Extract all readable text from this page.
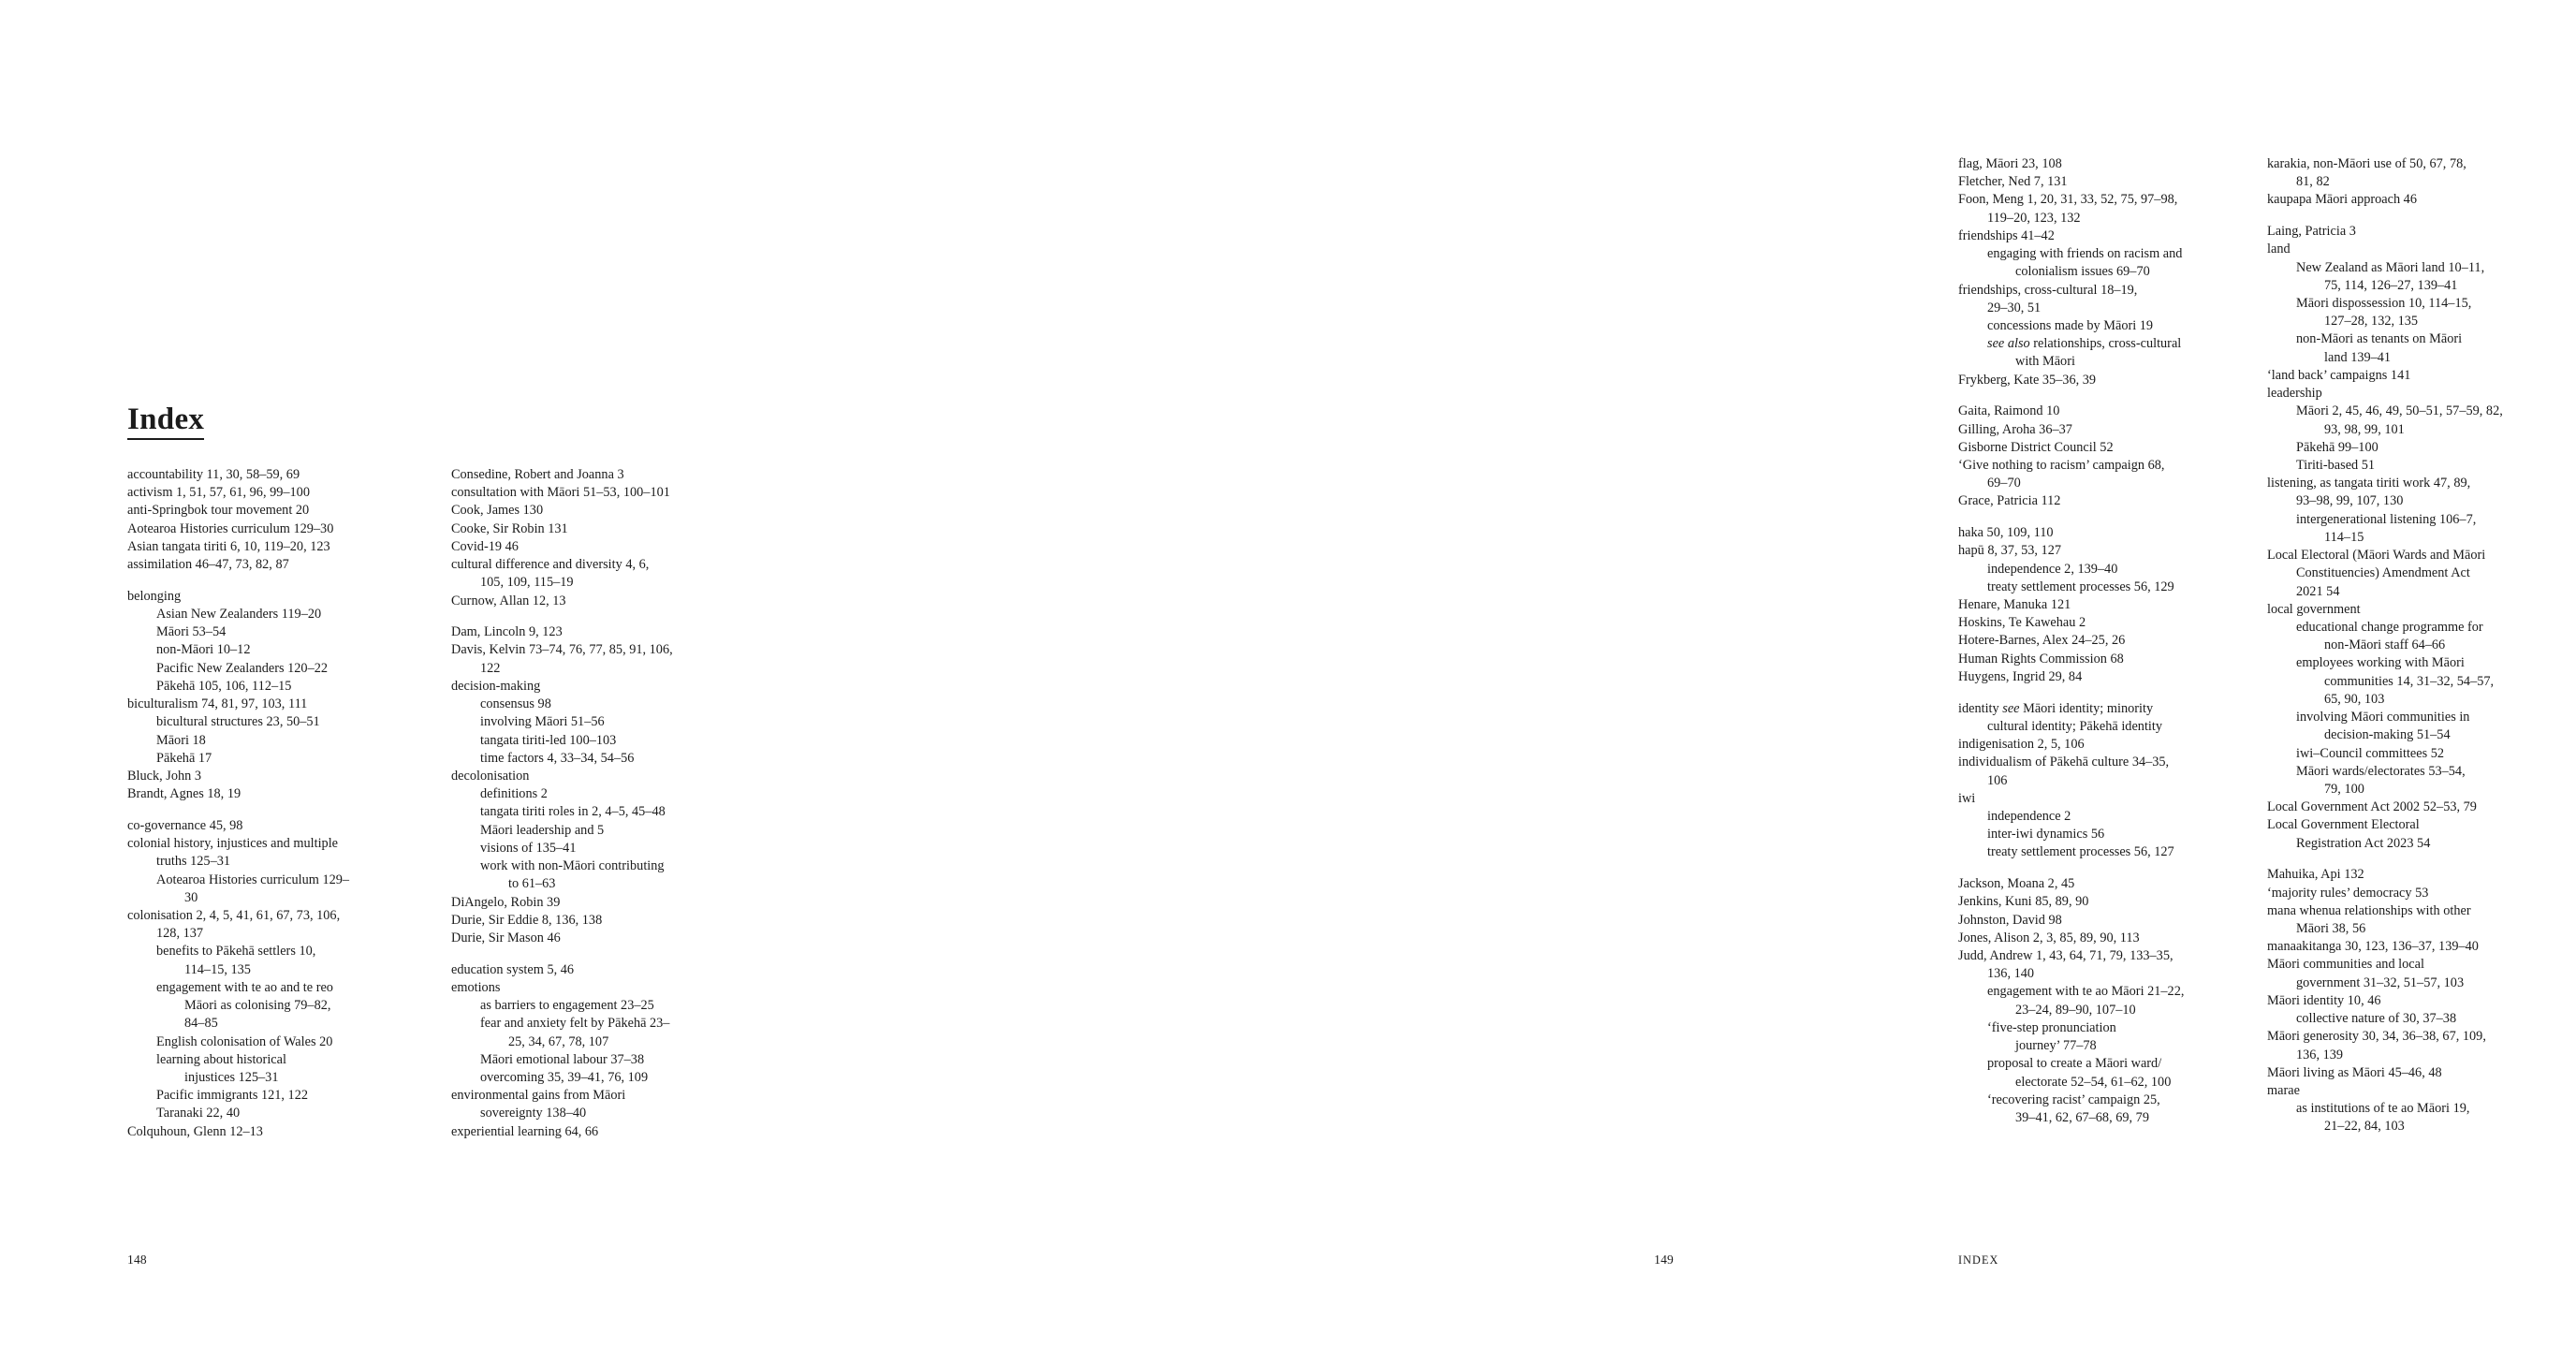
Index

accountability 11, 30, 58–59, 69

activism 1, 51, 57, 61, 96, 99–100

anti-Springbok tour movement 20

Aotearoa Histories curriculum 129–30

Asian tangata tiriti 6, 10, 119–20, 123

assimilation 46–47, 73, 82, 87

belonging

Asian New Zealanders 119–20

Māori 53–54

non-Māori 10–12

Pacific New Zealanders 120–22

Pākehā 105, 106, 112–15

biculturalism 74, 81, 97, 103, 111

bicultural structures 23, 50–51

Māori 18

Pākehā 17

Bluck, John 3

Brandt, Agnes 18, 19

co-governance 45, 98

colonial history, injustices and multiple

truths 125–31

Aotearoa Histories curriculum 129–

30

colonisation 2, 4, 5, 41, 61, 67, 73, 106,

128, 137

benefits to Pākehā settlers 10,

114–15, 135

engagement with te ao and te reo

Māori as colonising 79–82,

84–85

English colonisation of Wales 20

learning about historical

injustices 125–31

Pacific immigrants 121, 122

Taranaki 22, 40

Colquhoun, Glenn 12–13

Consedine, Robert and Joanna 3

consultation with Māori 51–53, 100–101

Cook, James 130

Cooke, Sir Robin 131

Covid-19 46

cultural difference and diversity 4, 6,

105, 109, 115–19

Curnow, Allan 12, 13

Dam, Lincoln 9, 123

Davis, Kelvin 73–74, 76, 77, 85, 91, 106,

122

decision-making

consensus 98

involving Māori 51–56

tangata tiriti-led 100–103

time factors 4, 33–34, 54–56

decolonisation

definitions 2

tangata tiriti roles in 2, 4–5, 45–48

Māori leadership and 5

visions of 135–41

work with non-Māori contributing

to 61–63

DiAngelo, Robin 39

Durie, Sir Eddie 8, 136, 138

Durie, Sir Mason 46

education system 5, 46

emotions

as barriers to engagement 23–25

fear and anxiety felt by Pākehā 23–

25, 34, 67, 78, 107

Māori emotional labour 37–38

overcoming 35, 39–41, 76, 109

environmental gains from Māori

sovereignty 138–40

experiential learning 64, 66

148

flag, Māori 23, 108

Fletcher, Ned 7, 131

Foon, Meng 1, 20, 31, 33, 52, 75, 97–98,

119–20, 123, 132

friendships 41–42

engaging with friends on racism and

colonialism issues 69–70

friendships, cross-cultural 18–19,

29–30, 51

concessions made by Māori 19

see also relationships, cross-cultural

with Māori

Frykberg, Kate 35–36, 39

Gaita, Raimond 10

Gilling, Aroha 36–37

Gisborne District Council 52

‘Give nothing to racism’ campaign 68,

69–70

Grace, Patricia 112

haka 50, 109, 110

hapū 8, 37, 53, 127

independence 2, 139–40

treaty settlement processes 56, 129

Henare, Manuka 121

Hoskins, Te Kawehau 2

Hotere-Barnes, Alex 24–25, 26

Human Rights Commission 68

Huygens, Ingrid 29, 84

identity see Māori identity; minority

cultural identity; Pākehā identity

indigenisation 2, 5, 106

individualism of Pākehā culture 34–35,

106

iwi

independence 2

inter-iwi dynamics 56

treaty settlement processes 56, 127

Jackson, Moana 2, 45

Jenkins, Kuni 85, 89, 90

Johnston, David 98

Jones, Alison 2, 3, 85, 89, 90, 113

Judd, Andrew 1, 43, 64, 71, 79, 133–35,

136, 140

engagement with te ao Māori 21–22,

23–24, 89–90, 107–10

‘five-step pronunciation

journey’ 77–78

proposal to create a Māori ward/

electorate 52–54, 61–62, 100

‘recovering racist’ campaign 25,

39–41, 62, 67–68, 69, 79

karakia, non-Māori use of 50, 67, 78,

81, 82

kaupapa Māori approach 46

Laing, Patricia 3

land

New Zealand as Māori land 10–11,

75, 114, 126–27, 139–41

Māori dispossession 10, 114–15,

127–28, 132, 135

non-Māori as tenants on Māori

land 139–41

‘land back’ campaigns 141

leadership

Māori 2, 45, 46, 49, 50–51, 57–59, 82,

93, 98, 99, 101

Pākehā 99–100

Tiriti-based 51

listening, as tangata tiriti work 47, 89,

93–98, 99, 107, 130

intergenerational listening 106–7,

114–15

Local Electoral (Māori Wards and Māori

Constituencies) Amendment Act

2021 54

local government

educational change programme for

non-Māori staff 64–66

employees working with Māori

communities 14, 31–32, 54–57,

65, 90, 103

involving Māori communities in

decision-making 51–54

iwi–Council committees 52

Māori wards/electorates 53–54,

79, 100

Local Government Act 2002 52–53, 79

Local Government Electoral

Registration Act 2023 54

Mahuika, Api 132

‘majority rules’ democracy 53

mana whenua relationships with other

Māori 38, 56

manaakitanga 30, 123, 136–37, 139–40

Māori communities and local

government 31–32, 51–57, 103

Māori identity 10, 46

collective nature of 30, 37–38

Māori generosity 30, 34, 36–38, 67, 109,

136, 139

Māori living as Māori 45–46, 48

marae

as institutions of te ao Māori 19,

21–22, 84, 103

INDEX
149
